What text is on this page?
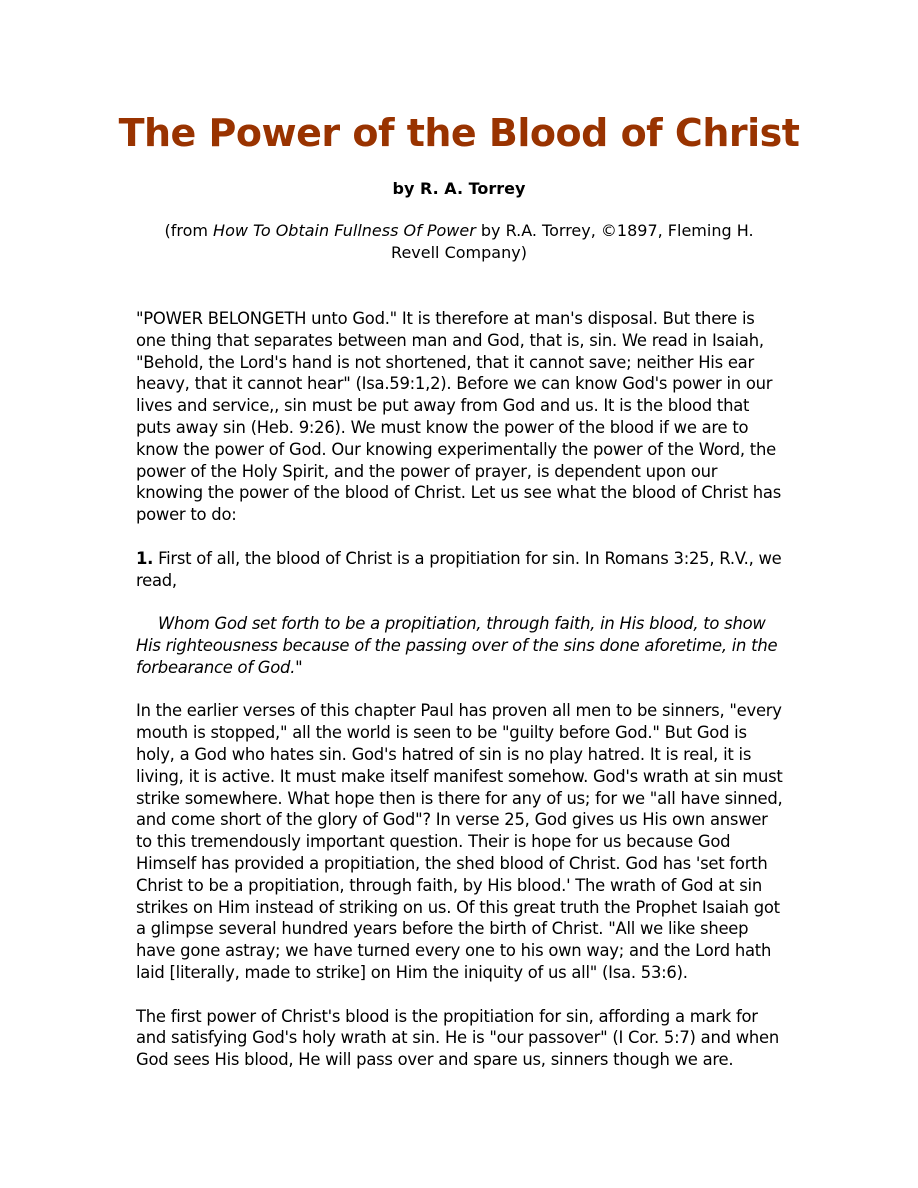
The Power of the Blood of Christ

by R. A. Torrey

(from How To Obtain Fullness Of Power by R.A. Torrey, ©1897, Fleming H. Revell Company)

"POWER BELONGETH unto God." It is therefore at man's disposal. But there is one thing that separates between man and God, that is, sin. We read in Isaiah, "Behold, the Lord's hand is not shortened, that it cannot save; neither His ear heavy, that it cannot hear" (Isa.59:1,2). Before we can know God's power in our lives and service,, sin must be put away from God and us. It is the blood that puts away sin (Heb. 9:26). We must know the power of the blood if we are to know the power of God. Our knowing experimentally the power of the Word, the power of the Holy Spirit, and the power of prayer, is dependent upon our knowing the power of the blood of Christ. Let us see what the blood of Christ has power to do:

1. First of all, the blood of Christ is a propitiation for sin. In Romans 3:25, R.V., we read,

Whom God set forth to be a propitiation, through faith, in His blood, to show His righteousness because of the passing over of the sins done aforetime, in the forbearance of God."

In the earlier verses of this chapter Paul has proven all men to be sinners, "every mouth is stopped," all the world is seen to be "guilty before God." But God is holy, a God who hates sin. God's hatred of sin is no play hatred. It is real, it is living, it is active. It must make itself manifest somehow. God's wrath at sin must strike somewhere. What hope then is there for any of us; for we "all have sinned, and come short of the glory of God"? In verse 25, God gives us His own answer to this tremendously important question. Their is hope for us because God Himself has provided a propitiation, the shed blood of Christ. God has 'set forth Christ to be a propitiation, through faith, by His blood.' The wrath of God at sin strikes on Him instead of striking on us. Of this great truth the Prophet Isaiah got a glimpse several hundred years before the birth of Christ. "All we like sheep have gone astray; we have turned every one to his own way; and the Lord hath laid [literally, made to strike] on Him the iniquity of us all" (Isa. 53:6).

The first power of Christ's blood is the propitiation for sin, affording a mark for and satisfying God's holy wrath at sin. He is "our passover" (I Cor. 5:7) and when God sees His blood, He will pass over and spare us, sinners though we are.
